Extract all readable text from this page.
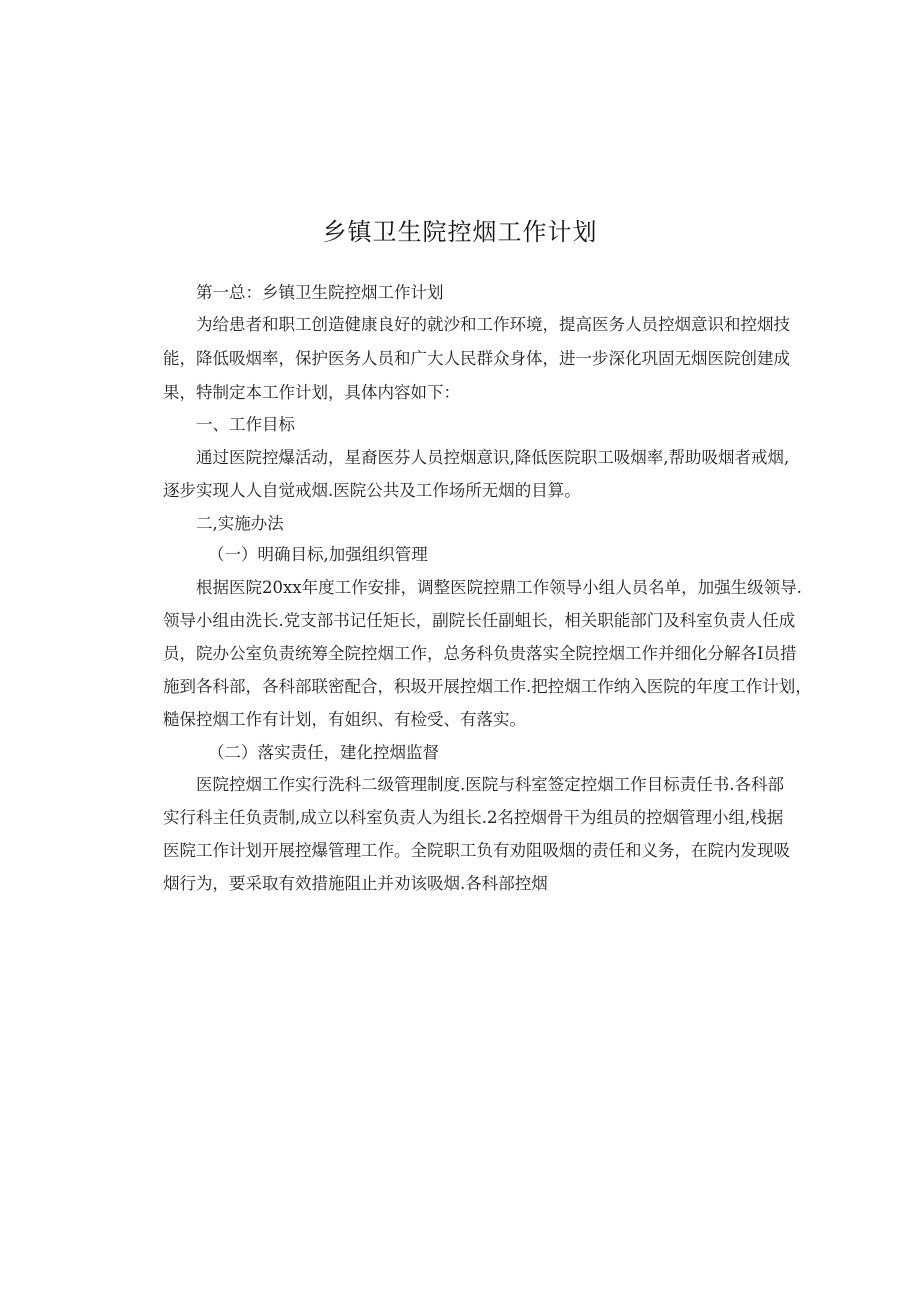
乡镇卫生院控烟工作计划
第一总：乡镇卫生院控烟工作计划
为给患者和职工创造健康良好的就沙和工作环境，提高医务人员控烟意识和控烟技
能，降低吸烟率，保护医务人员和广大人民群众身体，进一步深化巩固无烟医院创建成
果，特制定本工作计划，具体内容如下：
一、工作目标
通过医院控爆活动，星裔医芬人员控烟意识,降低医院职工吸烟率,帮助吸烟者戒烟,
逐步实现人人自觉戒烟.医院公共及工作场所无烟的目算。
二,实施办法
（一）明确目标,加强组织管理
根据医院20xx年度工作安排，调整医院控鼎工作领导小组人员名单，加强生级领导.
领导小组由洗长.党支部书记任矩长，副院长任副蛆长，相关职能部门及科室负责人任成
员，院办公室负责统筹全院控烟工作，总务科负贵落实全院控烟工作并细化分解各I员措
施到各科部，各科部联密配合，积圾开展控烟工作.把控烟工作纳入医院的年度工作计划，
糙保控烟工作有计划，有姐织、有检受、有落实。
（二）落实责任，建化控烟监督
医院控烟工作实行洗科二级管理制度.医院与科室签定控烟工作目标责任书.各科部
实行科主任负责制,成立以科室负责人为组长.2名控烟骨干为组员的控烟管理小组,栈据
医院工作计划开展控爆管理工作。全院职工负有劝阻吸烟的责任和义务，在院内发现吸
烟行为，要采取有效措施阻止并劝该吸烟.各科部控烟
